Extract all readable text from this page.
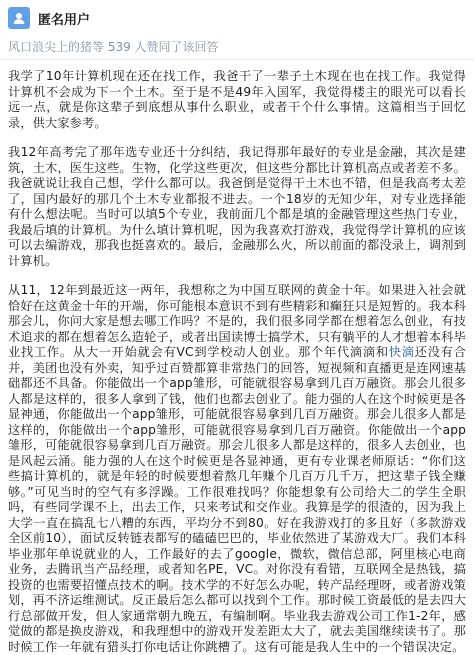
匿名用户
风口浪尖上的猪等 539 人赞同了该回答

我学了10年计算机现在还在找工作，我爸干了一辈子土木现在也在找工作。我觉得计算机不会成为下一个土木。至于是不是49年入国军，我觉得楼主的眼光可以看长远一点，就是你这辈子到底想从事什么职业，或者干个什么事情。这篇相当于回忆录，供大家参考。

我12年高考完了那年选专业还十分纠结，我记得那年最好的专业是金融，其次是建筑，土木，医生这些。生物，化学这些更次，但这些分都比计算机高点或者差不多。我爸就说让我自己想，学什么都可以。我爸倒是觉得干土木也不错，但是我高考太差了，国内最好的那几个土木专业都报不进去。一个18岁的无知少年，对专业选择能有什么想法呢。当时可以填5个专业，我前面几个都是填的金融管理这些热门专业，我最后填的计算机。为什么填计算机呢，因为我喜欢打游戏，我觉得学计算机的应该可以去编游戏，那我也挺喜欢的。最后，金融那么火，所以前面的都没录上，调剂到计算机。

从11，12年到最近这一两年，我想称之为中国互联网的黄金十年。如果进入社会就恰好在这黄金十年的开端，你可能根本意识不到有些精彩和癫狂只是短暂的。我本科那会儿，你问大家是想去哪工作吗？不是的，我们很多同学都在想着怎么创业，有技术追求的都在想着怎么造轮子，或者出国读博士搞学术，只有躺平的人才想着本科毕业找工作。从大一开始就会有VC到学校动人创业。那个年代滴滴和快滴还没有合并，美团也没有外卖，知乎过百赞都算非常热门的回答，短视频和直播更是连网速基础都还不具备。你能做出一个app雏形，可能就很容易拿到几百万融资。那会儿很多人都是这样的，很多人拿到了钱，他们也都去创业了。能力强的人在这个时候更是各显神通，你能做出一个app雏形，可能就很容易拿到几百万融资。那会儿很多人都是这样的，你能做出一个app雏形，可能就很容易拿到几百万融资。你能做出一个app雏形，可能就很容易拿到几百万融资。那会儿很多人都是这样的，很多人去创业，也是风起云涌。能力强的人在这个时候更是各显神通，更有专业课老师原话：“你们这些搞计算机的，就是年轻的时候要想着熬几年赚个几百万几千万，把这辈子钱全赚够。”可见当时的空气有多浮躁。工作很难找吗？你能想象有公司给大二的学生全职吗，有些同学课不上，出去工作，只来考试和交作业。我算是学的很渣的，因为我上大学一直在搞乱七八糟的东西，平均分不到80。好在我游戏打的多且好（多款游戏全区前10），面试反转链表都写的磕磕巴巴的，毕业依然进了某游戏大厂。我们本科毕业那年单说就业的人，工作最好的去了google，微软，微信总部，阿里核心电商业务，去腾讯当产品经理，或者知名PE，VC。对你没有看错，互联网全是热钱，搞投资的也需要招懂点技术的啊。技术学的不好怎么办呢，转产品经理呀，或者游戏策划，再不济运维测试。反正最后怎么都可以找到个工作。那时候工资最低的是去四大行总部做开发，但人家通常朝九晚五，有编制啊。毕业我去游戏公司工作1-2年，感觉做的都是换皮游戏，和我理想中的游戏开发差距太大了，就去美国继续读书了。那时候工作一年就有猎头打你电话让你跳槽了。这有可能是我人生中的一个错误决定。
